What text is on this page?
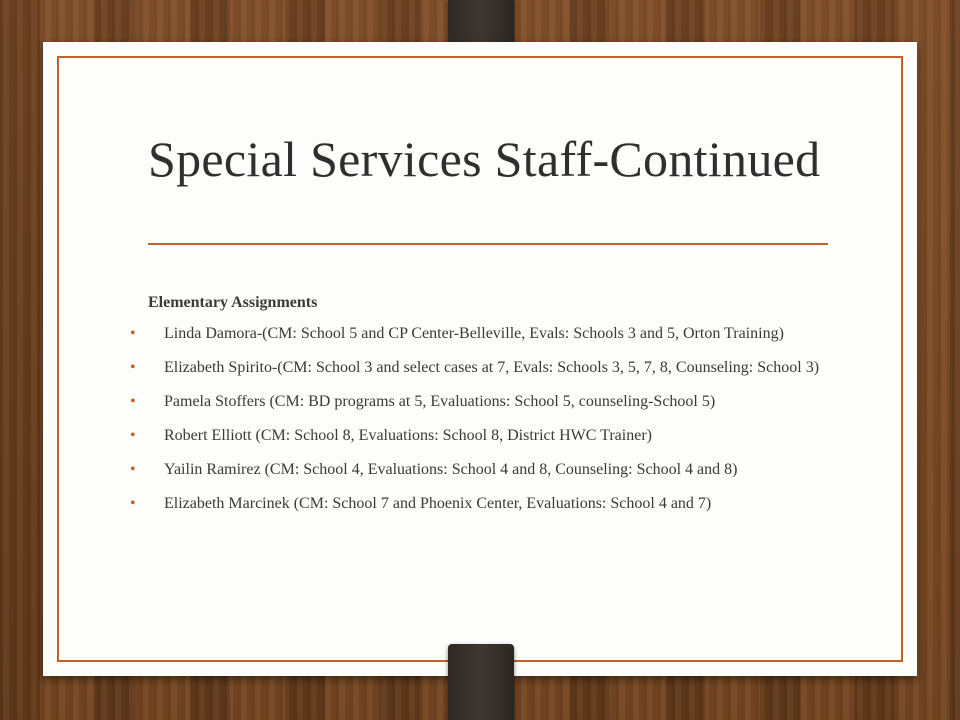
Special Services Staff-Continued
Elementary Assignments
• Linda Damora-(CM: School 5 and CP Center-Belleville, Evals: Schools 3 and 5, Orton Training)
• Elizabeth Spirito-(CM: School 3 and select cases at 7, Evals: Schools 3, 5, 7, 8, Counseling: School 3)
• Pamela Stoffers (CM: BD programs at 5, Evaluations: School 5, counseling-School 5)
• Robert Elliott (CM: School 8, Evaluations: School 8, District HWC Trainer)
• Yailin Ramirez (CM: School 4, Evaluations: School 4 and 8, Counseling: School 4 and 8)
• Elizabeth Marcinek (CM: School 7 and Phoenix Center, Evaluations: School 4 and 7)
